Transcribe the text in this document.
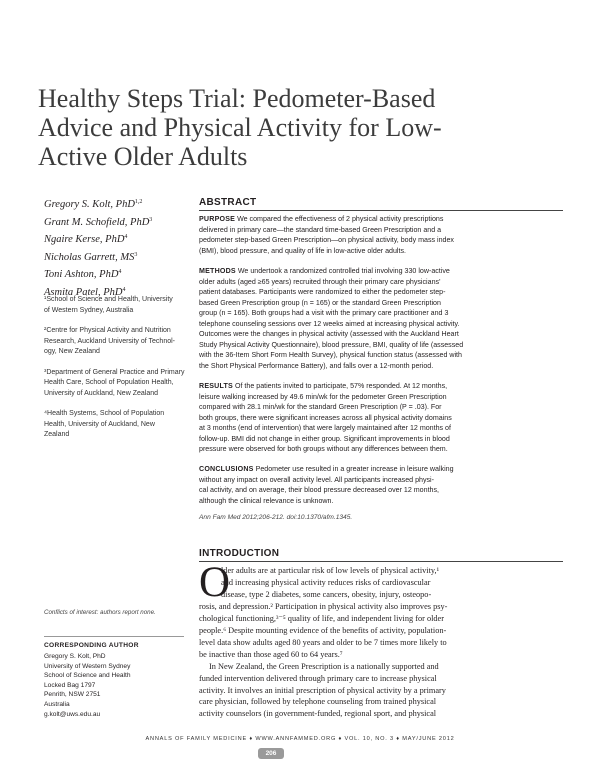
Healthy Steps Trial: Pedometer-Based
Advice and Physical Activity for Low-
Active Older Adults
Gregory S. Kolt, PhD$^{1,2}$
Grant M. Schofield, PhD$^3$
Ngaire Kerse, PhD$^4$
Nicholas Garrett, $MS^3$
Toni Ashton, PhD$^4$
Asmita Patel, PhD$^4$
¹School of Science and Health, University
of Western Sydney, Australia
²Centre for Physical Activity and Nutrition
Research, Auckland University of Technol-
ogy, New Zealand
³Department of General Practice and Primary
Health Care, School of Population Health,
University of Auckland, New Zealand
⁴Health Systems, School of Population
Health, University of Auckland, New
Zealand
ABSTRACT
PURPOSE We compared the effectiveness of 2 physical activity prescriptions
delivered in primary care—the standard time-based Green Prescription and a
pedometer step-based Green Prescription—on physical activity, body mass index
(BMI), blood pressure, and quality of life in low-active older adults.
METHODS We undertook a randomized controlled trial involving 330 low-active
older adults (aged ≥65 years) recruited through their primary care physicians'
patient databases. Participants were randomized to either the pedometer step-
based Green Prescription group (n = 165) or the standard Green Prescription
group (n = 165). Both groups had a visit with the primary care practitioner and 3
telephone counseling sessions over 12 weeks aimed at increasing physical activity.
Outcomes were the changes in physical activity (assessed with the Auckland Heart
Study Physical Activity Questionnaire), blood pressure, BMI, quality of life (assessed
with the 36-Item Short Form Health Survey), physical function status (assessed with
the Short Physical Performance Battery), and falls over a 12-month period.
RESULTS Of the patients invited to participate, 57% responded. At 12 months,
leisure walking increased by 49.6 min/wk for the pedometer Green Prescription
compared with 28.1 min/wk for the standard Green Prescription (P = .03). For
both groups, there were significant increases across all physical activity domains
at 3 months (end of intervention) that were largely maintained after 12 months of
follow-up. BMI did not change in either group. Significant improvements in blood
pressure were observed for both groups without any differences between them.
CONCLUSIONS Pedometer use resulted in a greater increase in leisure walking
without any impact on overall activity level. All participants increased physi-
cal activity, and on average, their blood pressure decreased over 12 months,
although the clinical relevance is unknown.
Ann Fam Med 2012;206-212. doi:10.1370/afm.1345.
INTRODUCTION
O
lder adults are at particular risk of low levels of physical activity,¹
and increasing physical activity reduces risks of cardiovascular
disease, type 2 diabetes, some cancers, obesity, injury, osteopo-
rosis, and depression.² Participation in physical activity also improves psy-
chological functioning,³⁻⁵ quality of life, and independent living for older
people.⁶ Despite mounting evidence of the benefits of activity, population-
level data show adults aged 80 years and older to be 7 times more likely to
be inactive than those aged 60 to 64 years.⁷
In New Zealand, the Green Prescription is a nationally supported and
funded intervention delivered through primary care to increase physical
activity. It involves an initial prescription of physical activity by a primary
care physician, followed by telephone counseling from trained physical
activity counselors (in government-funded, regional sport, and physical
Conflicts of interest: authors report none.
CORRESPONDING AUTHOR
Gregory S. Kolt, PhD
University of Western Sydney
School of Science and Health
Locked Bag 1797
Penrith, NSW 2751
Australia
g.kolt@uws.edu.au
ANNALS OF FAMILY MEDICINE ♦ WWW.ANNFAMMED.ORG ♦ VOL. 10, NO. 3 ♦ MAY/JUNE 2012
206
